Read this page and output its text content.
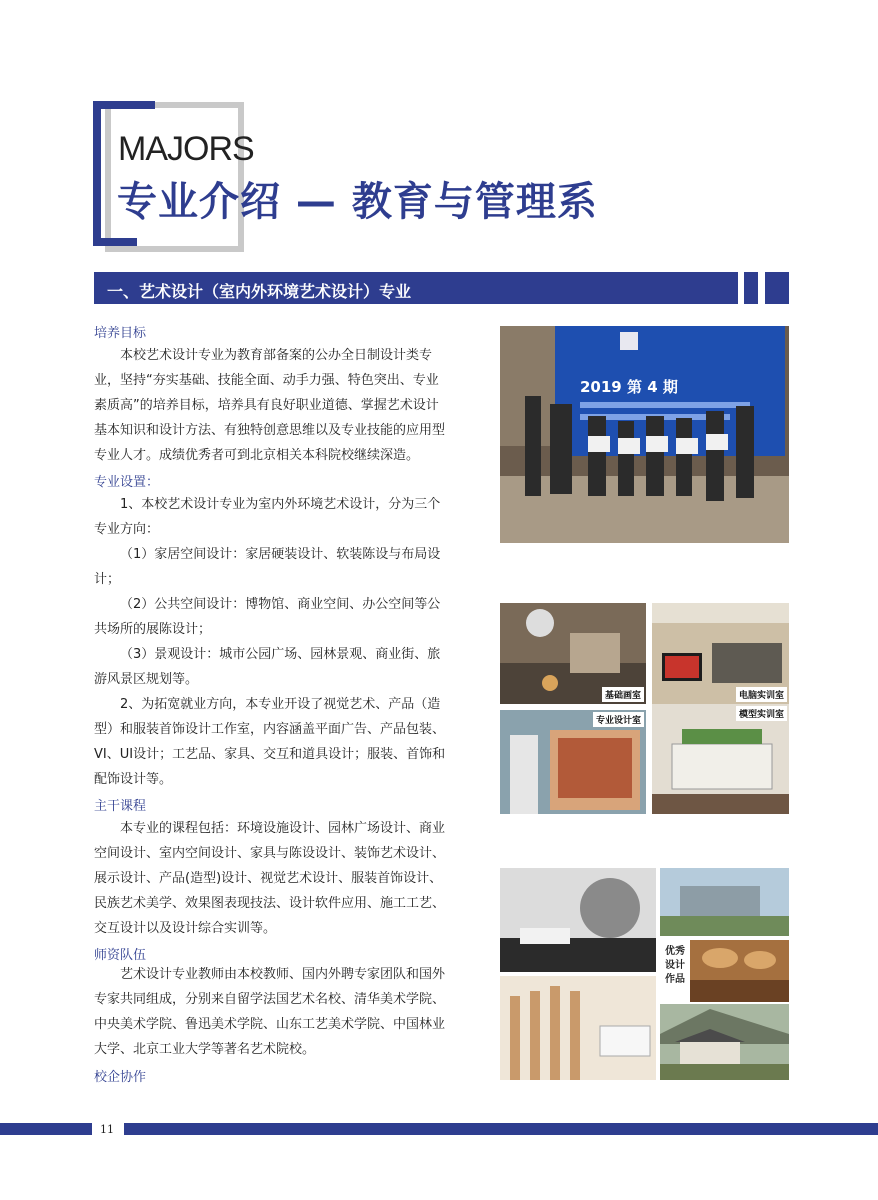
MAJORS
专业介绍 — 教育与管理系
一、艺术设计（室内外环境艺术设计）专业
培养目标
本校艺术设计专业为教育部备案的公办全日制设计类专
业，坚持“夯实基础、技能全面、动手力强、特色突出、专业
素质高”的培养目标，培养具有良好职业道德、掌握艺术设计
基本知识和设计方法、有独特创意思维以及专业技能的应用型
专业人才。成绩优秀者可到北京相关本科院校继续深造。
专业设置：
1、本校艺术设计专业为室内外环境艺术设计，分为三个
专业方向：
（1）家居空间设计：家居硬装设计、软装陈设与布局设
计；
（2）公共空间设计：博物馆、商业空间、办公空间等公
共场所的展陈设计；
（3）景观设计：城市公园广场、园林景观、商业街、旅
游风景区规划等。
2、为拓宽就业方向，本专业开设了视觉艺术、产品（造
型）和服装首饰设计工作室，内容涵盖平面广告、产品包装、
VI、UI设计；工艺品、家具、交互和道具设计；服装、首饰和
配饰设计等。
主干课程
本专业的课程包括：环境设施设计、园林广场设计、商业
空间设计、室内空间设计、家具与陈设设计、装饰艺术设计、
展示设计、产品(造型)设计、视觉艺术设计、服装首饰设计、
民族艺术美学、效果图表现技法、设计软件应用、施工工艺、
交互设计以及设计综合实训等。
师资队伍
艺术设计专业教师由本校教师、国内外聘专家团队和国外
专家共同组成，分别来自留学法国艺术名校、清华美术学院、
中央美术学院、鲁迅美术学院、山东工艺美术学院、中国林业
大学、北京工业大学等著名艺术院校。
校企协作
2019 第 4 期
基础画室	电脑实训室
专业设计室
模型实训室
优秀
设计
作品
11
